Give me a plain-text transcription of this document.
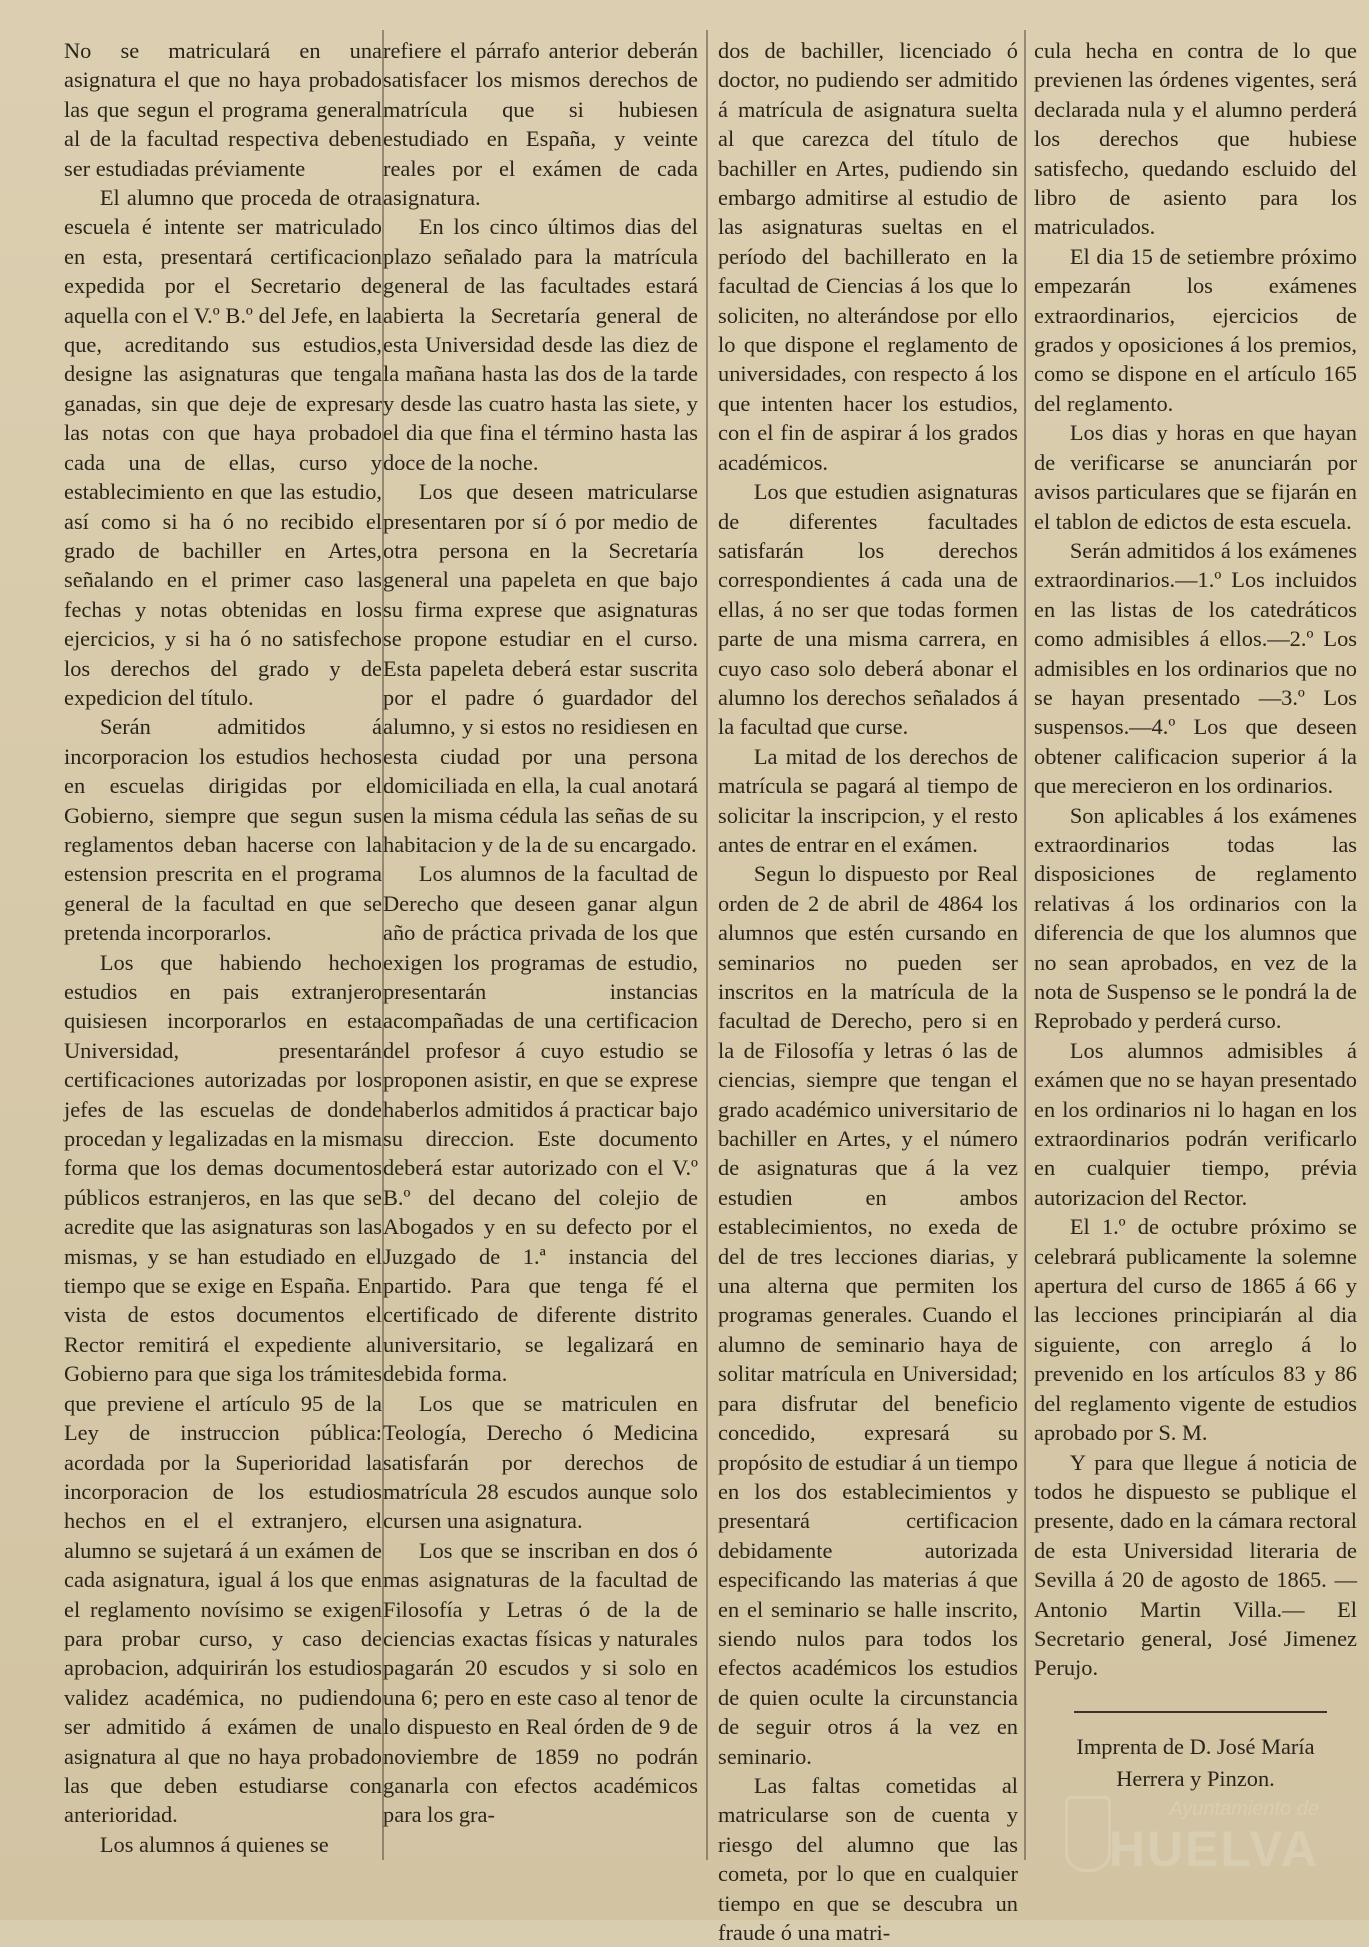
No se matriculará en una asignatura el que no haya probado las que segun el programa general al de la facultad respectiva deben ser estudiadas préviamente

El alumno que proceda de otra escuela é intente ser matriculado en esta, presentará certificacion expedida por el Secretario de aquella con el V.º B.º del Jefe, en la que, acreditando sus estudios, designe las asignaturas que tenga ganadas, sin que deje de expresar las notas con que haya probado cada una de ellas, curso y establecimiento en que las estudio, así como si ha ó no recibido el grado de bachiller en Artes, señalando en el primer caso las fechas y notas obtenidas en los ejercicios, y si ha ó no satisfecho los derechos del grado y de expedicion del título.

Serán admitidos á incorporacion los estudios hechos en escuelas dirigidas por el Gobierno, siempre que segun sus reglamentos deban hacerse con la estension prescrita en el programa general de la facultad en que se pretenda incorporarlos.

Los que habiendo hecho estudios en pais extranjero quisiesen incorporarlos en esta Universidad, presentarán certificaciones autorizadas por los jefes de las escuelas de donde procedan y legalizadas en la misma forma que los demas documentos públicos estranjeros, en las que se acredite que las asignaturas son las mismas, y se han estudiado en el tiempo que se exige en España. En vista de estos documentos el Rector remitirá el expediente al Gobierno para que siga los trámites que previene el artículo 95 de la Ley de instruccion pública: acordada por la Superioridad la incorporacion de los estudios hechos en el el extranjero, el alumno se sujetará á un exámen de cada asignatura, igual á los que en el reglamento novísimo se exigen para probar curso, y caso de aprobacion, adquirirán los estudios validez académica, no pudiendo ser admitido á exámen de una asignatura al que no haya probado las que deben estudiarse con anterioridad.

Los alumnos á quienes se

refiere el párrafo anterior deberán satisfacer los mismos derechos de matrícula que si hubiesen estudiado en España, y veinte reales por el exámen de cada asignatura.

En los cinco últimos dias del plazo señalado para la matrícula general de las facultades estará abierta la Secretaría general de esta Universidad desde las diez de la mañana hasta las dos de la tarde y desde las cuatro hasta las siete, y el dia que fina el término hasta las doce de la noche.

Los que deseen matricularse presentaren por sí ó por medio de otra persona en la Secretaría general una papeleta en que bajo su firma exprese que asignaturas se propone estudiar en el curso. Esta papeleta deberá estar suscrita por el padre ó guardador del alumno, y si estos no residiesen en esta ciudad por una persona domiciliada en ella, la cual anotará en la misma cédula las señas de su habitacion y de la de su encargado.

Los alumnos de la facultad de Derecho que deseen ganar algun año de práctica privada de los que exigen los programas de estudio, presentarán instancias acompañadas de una certificacion del profesor á cuyo estudio se proponen asistir, en que se exprese haberlos admitidos á practicar bajo su direccion. Este documento deberá estar autorizado con el V.º B.º del decano del colejio de Abogados y en su defecto por el Juzgado de 1.ª instancia del partido. Para que tenga fé el certificado de diferente distrito universitario, se legalizará en debida forma.

Los que se matriculen en Teología, Derecho ó Medicina satisfarán por derechos de matrícula 28 escudos aunque solo cursen una asignatura.

Los que se inscriban en dos ó mas asignaturas de la facultad de Filosofía y Letras ó de la de ciencias exactas físicas y naturales pagarán 20 escudos y si solo en una 6; pero en este caso al tenor de lo dispuesto en Real órden de 9 de noviembre de 1859 no podrán ganarla con efectos académicos para los gra-

dos de bachiller, licenciado ó doctor, no pudiendo ser admitido á matrícula de asignatura suelta al que carezca del título de bachiller en Artes, pudiendo sin embargo admitirse al estudio de las asignaturas sueltas en el período del bachillerato en la facultad de Ciencias á los que lo soliciten, no alterándose por ello lo que dispone el reglamento de universidades, con respecto á los que intenten hacer los estudios, con el fin de aspirar á los grados académicos.

Los que estudien asignaturas de diferentes facultades satisfarán los derechos correspondientes á cada una de ellas, á no ser que todas formen parte de una misma carrera, en cuyo caso solo deberá abonar el alumno los derechos señalados á la facultad que curse.

La mitad de los derechos de matrícula se pagará al tiempo de solicitar la inscripcion, y el resto antes de entrar en el exámen.

Segun lo dispuesto por Real orden de 2 de abril de 4864 los alumnos que estén cursando en seminarios no pueden ser inscritos en la matrícula de la facultad de Derecho, pero si en la de Filosofía y letras ó las de ciencias, siempre que tengan el grado académico universitario de bachiller en Artes, y el número de asignaturas que á la vez estudien en ambos establecimientos, no exeda de del de tres lecciones diarias, y una alterna que permiten los programas generales. Cuando el alumno de seminario haya de solitar matrícula en Universidad; para disfrutar del beneficio concedido, expresará su propósito de estudiar á un tiempo en los dos establecimientos y presentará certificacion debidamente autorizada especificando las materias á que en el seminario se halle inscrito, siendo nulos para todos los efectos académicos los estudios de quien oculte la circunstancia de seguir otros á la vez en seminario.

Las faltas cometidas al matricularse son de cuenta y riesgo del alumno que las cometa, por lo que en cualquier tiempo en que se descubra un fraude ó una matri-

cula hecha en contra de lo que previenen las órdenes vigentes, será declarada nula y el alumno perderá los derechos que hubiese satisfecho, quedando escluido del libro de asiento para los matriculados.

El dia 15 de setiembre próximo empezarán los exámenes extraordinarios, ejercicios de grados y oposiciones á los premios, como se dispone en el artículo 165 del reglamento.

Los dias y horas en que hayan de verificarse se anunciarán por avisos particulares que se fijarán en el tablon de edictos de esta escuela.

Serán admitidos á los exámenes extraordinarios.—1.º Los incluidos en las listas de los catedráticos como admisibles á ellos.—2.º Los admisibles en los ordinarios que no se hayan presentado —3.º Los suspensos.—4.º Los que deseen obtener calificacion superior á la que merecieron en los ordinarios.

Son aplicables á los exámenes extraordinarios todas las disposiciones de reglamento relativas á los ordinarios con la diferencia de que los alumnos que no sean aprobados, en vez de la nota de Suspenso se le pondrá la de Reprobado y perderá curso.

Los alumnos admisibles á exámen que no se hayan presentado en los ordinarios ni lo hagan en los extraordinarios podrán verificarlo en cualquier tiempo, prévia autorizacion del Rector.

El 1.º de octubre próximo se celebrará publicamente la solemne apertura del curso de 1865 á 66 y las lecciones principiarán al dia siguiente, con arreglo á lo prevenido en los artículos 83 y 86 del reglamento vigente de estudios aprobado por S. M.

Y para que llegue á noticia de todos he dispuesto se publique el presente, dado en la cámara rectoral de esta Universidad literaria de Sevilla á 20 de agosto de 1865. —Antonio Martin Villa.— El Secretario general, José Jimenez Perujo.

Imprenta de D. José María

Herrera y Pinzon.

Ayuntamiento de
HUELVA
